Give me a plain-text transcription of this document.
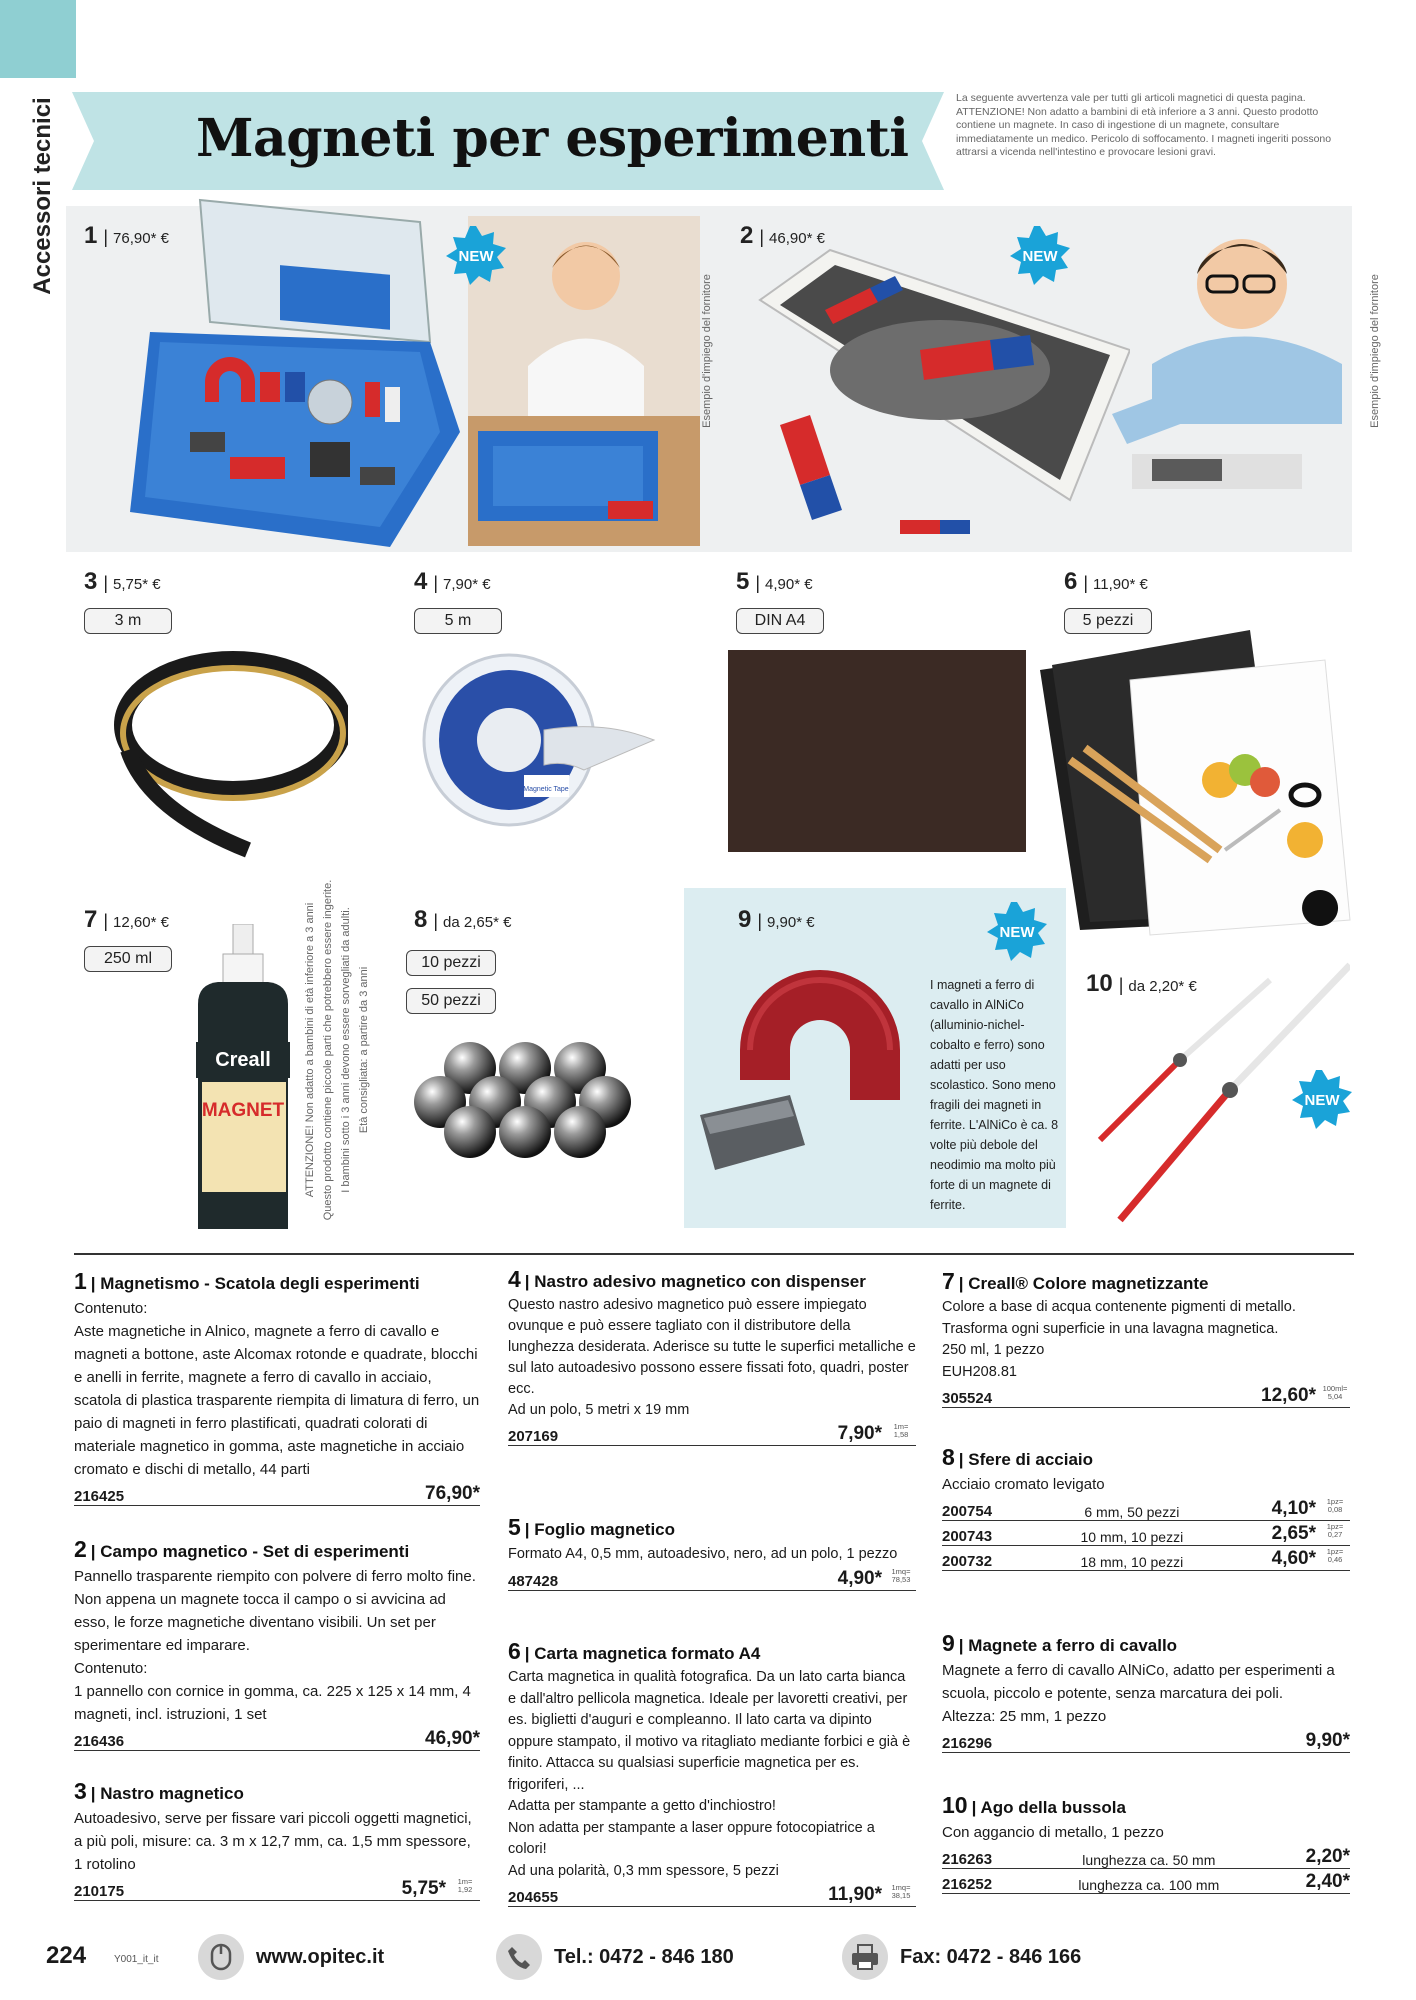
Accessori tecnici	Magneti per esperimenti
La seguente avvertenza vale per tutti gli articoli magnetici di questa pagina. ATTENZIONE! Non adatto a bambini di età inferiore a 3 anni. Questo prodotto contiene un magnete. In caso di ingestione di un magnete, consultare immediatamente un medico. Pericolo di soffocamento. I magneti ingeriti possono attrarsi a vicenda nell'intestino e provocare lesioni gravi.
1 | 76,90* €
NEW
Esempio d'impiego del fornitore
2 | 46,90* €
NEW
Esempio d'impiego del fornitore
3 | 5,75* €
3 m
4 | 7,90* €
5 m
Magnetic Tape
5 | 4,90* €
DIN A4
6 | 11,90* €
5 pezzi
7 | 12,60* €
250 ml
Creall
MAGNET ATTENZIONE! Non adatto a bambini di età inferiore a 3 anni Questo prodotto contiene piccole parti che potrebbero essere ingerite. I bambini sotto i 3 anni devono essere sorvegliati da adulti. Età consigliata: a partire da 3 anni
8 | da 2,65* €
10 pezzi
50 pezzi
9 | 9,90* €
NEW
I magneti a ferro di cavallo in AlNiCo (alluminio-nichel-cobalto e ferro) sono adatti per uso scolastico. Sono meno fragili dei magneti in ferrite. L'AlNiCo è ca. 8 volte più debole del neodimio ma molto più forte di un magnete di ferrite.
10 | da 2,20* €
NEW
1 | Magnetismo - Scatola degli esperimenti
Contenuto:
Aste magnetiche in Alnico, magnete a ferro di cavallo e magneti a bottone, aste Alcomax rotonde e quadrate, blocchi e anelli in ferrite, magnete a ferro di cavallo in acciaio, scatola di plastica trasparente riempita di limatura di ferro, un paio di magneti in ferro plastificati, quadrati colorati di materiale magnetico in gomma, aste magnetiche in acciaio cromato e dischi di metallo, 44 parti
216425	76,90*
2 | Campo magnetico - Set di esperimenti
Pannello trasparente riempito con polvere di ferro molto fine. Non appena un magnete tocca il campo o si avvicina ad esso, le forze magnetiche diventano visibili. Un set per sperimentare ed imparare.
Contenuto:
1 pannello con cornice in gomma, ca. 225 x 125 x 14 mm, 4 magneti, incl. istruzioni, 1 set
216436	46,90*
3 | Nastro magnetico
Autoadesivo, serve per fissare vari piccoli oggetti magnetici, a più poli, misure: ca. 3 m x 12,7 mm, ca. 1,5 mm spessore, 1 rotolino
210175	5,75*	1m= 1,92
4 | Nastro adesivo magnetico con dispenser
Questo nastro adesivo magnetico può essere impiegato ovunque e può essere tagliato con il distributore della lunghezza desiderata. Aderisce su tutte le superfici metalliche e sul lato autoadesivo possono essere fissati foto, quadri, poster ecc.
Ad un polo, 5 metri x 19 mm
207169	7,90*	1m= 1,58
5 | Foglio magnetico
Formato A4, 0,5 mm, autoadesivo, nero, ad un polo, 1 pezzo
487428	4,90*	1mq= 78,53
6 | Carta magnetica formato A4
Carta magnetica in qualità fotografica. Da un lato carta bianca e dall'altro pellicola magnetica. Ideale per lavoretti creativi, per es. biglietti d'auguri e compleanno. Il lato carta va dipinto oppure stampato, il motivo va ritagliato mediante forbici e già è finito. Attacca su qualsiasi superficie magnetica per es. frigoriferi, ...
Adatta per stampante a getto d'inchiostro!
Non adatta per stampante a laser oppure fotocopiatrice a colori!
Ad una polarità, 0,3 mm spessore, 5 pezzi
204655	11,90*	1mq= 38,15
7 | Creall® Colore magnetizzante
Colore a base di acqua contenente pigmenti di metallo. Trasforma ogni superficie in una lavagna magnetica.
250 ml, 1 pezzo
EUH208.81
305524	12,60* 100ml= 5,04
8 | Sfere di acciaio
Acciaio cromato levigato
200754	6 mm, 50 pezzi	4,10*	1pz= 0,08
200743	10 mm, 10 pezzi	2,65*	1pz= 0,27
200732	18 mm, 10 pezzi	4,60*	1pz= 0,46
9 | Magnete a ferro di cavallo
Magnete a ferro di cavallo AlNiCo, adatto per esperimenti a scuola, piccolo e potente, senza marcatura dei poli.
Altezza: 25 mm, 1 pezzo
216296	9,90*
10 | Ago della bussola
Con aggancio di metallo, 1 pezzo
216263	lunghezza ca. 50 mm	2,20*
216252	lunghezza ca. 100 mm	2,40*
224	Y001_it_it	www.opitec.it	Tel.: 0472 - 846 180	Fax: 0472 - 846 166
